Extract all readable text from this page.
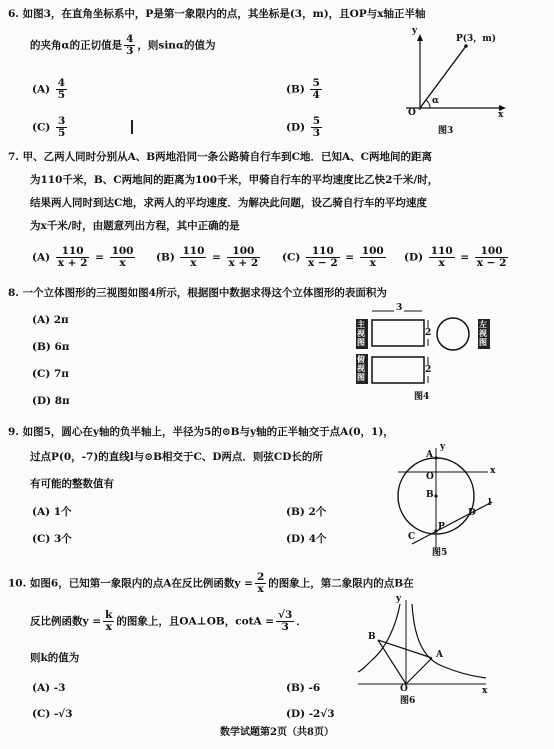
6. 如图3，在直角坐标系中，P是第一象限内的点，其坐标是(3，m)，且OP与x轴正半轴
的夹角α的正切值是 $\frac{4}{3}$ ，则sinα的值为
$(A) \frac{4}{5}$	$(B) \frac{5}{4}$
$(C) \frac{3}{5}$	$(D) \frac{5}{3}$
y
P(3，m)
O
α
x
图3
7. 甲、乙两人同时分别从A、B两地沿同一条公路骑自行车到C地．已知A、C两地间的距离
为110千米，B、C两地间的距离为100千米，甲骑自行车的平均速度比乙快2千米/时，
结果两人同时到达C地，求两人的平均速度．为解决此问题，设乙骑自行车的平均速度
为x千米/时，由题意列出方程，其中正确的是
$(A) \frac{110}{x + 2} = \frac{100}{x} (B) \frac{110}{x} = \frac{100}{x + 2} (C) \frac{110}{x - 2} = \frac{100}{x} (D) \frac{110}{x} = \frac{100}{x - 2}$
8. 一个立体图形的三视图如图4所示，根据图中数据求得这个立体图形的表面积为
(A) 2π
(B) 6π
(C) 7π
(D) 8π
3
2
2
主视图
俯视图
左视图
图4
9. 如图5，圆心在y轴的负半轴上，半径为5的⊙B与y轴的正半轴交于点A(0，1)，
过点P(0，-7)的直线l与⊙B相交于C、D两点．则弦CD长的所
有可能的整数值有
(A) 1个	(B) 2个
(C) 3个	(D) 4个
y
A
O
x
B
l
D
P
C
图5
10. 如图6，已知第一象限内的点A在反比例函数$y = \frac{2}{x}$ 的图象上，第二象限内的点B在
反比例函数$y = \frac{k}{x}$ 的图象上，且OA⊥OB，$\cot A = \frac{√3}{3}$ ．
则k的值为
(A) -3	(B) -6
(C) -√3	(D) -2√3
y
B
A
O	x
图6
数学试题第2页（共8页）
